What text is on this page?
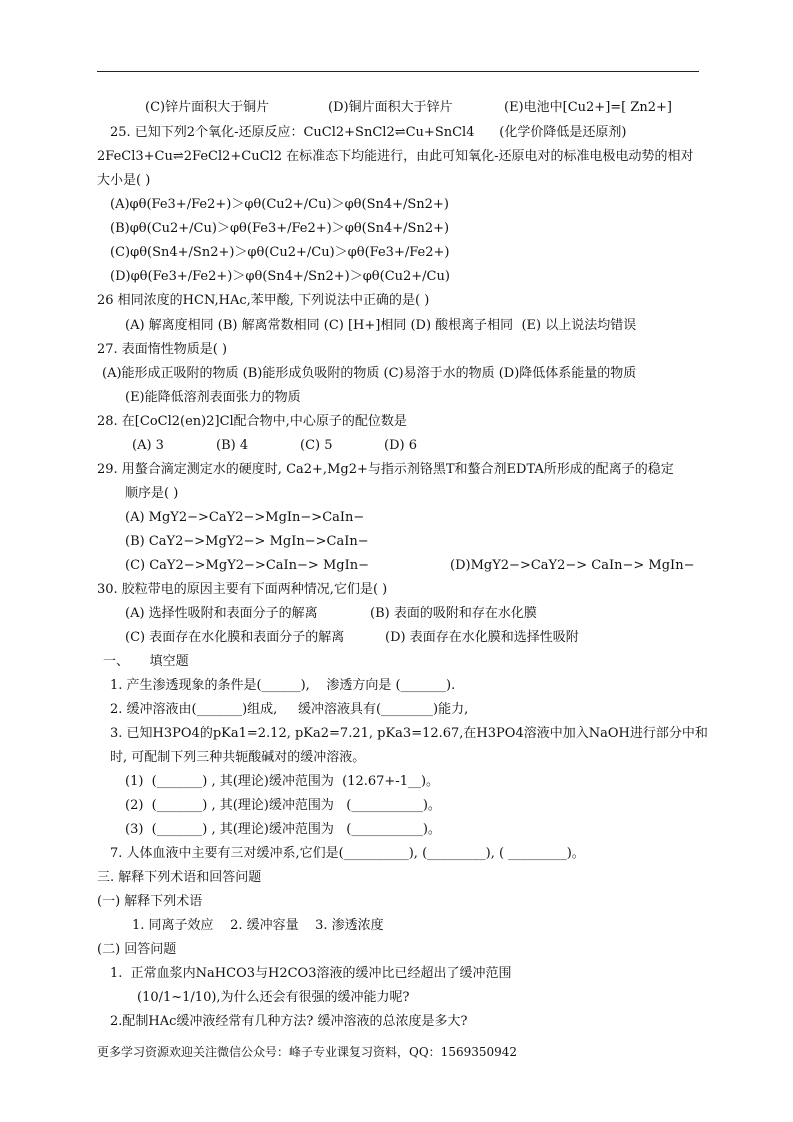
(C)锌片面积大于铜片	(D)铜片面积大于锌片	(E)电池中[Cu2+]=[ Zn2+]
25. 已知下列2个氧化-还原反应：CuCl2+SnCl2⇌Cu+SnCl4      (化学价降低是还原剂)
2FeCl3+Cu⇌2FeCl2+CuCl2 在标准态下均能进行，由此可知氧化-还原电对的标准电极电动势的相对
大小是( )
(A)φθ(Fe3+/Fe2+)＞φθ(Cu2+/Cu)＞φθ(Sn4+/Sn2+)
(B)φθ(Cu2+/Cu)＞φθ(Fe3+/Fe2+)＞φθ(Sn4+/Sn2+)
(C)φθ(Sn4+/Sn2+)＞φθ(Cu2+/Cu)＞φθ(Fe3+/Fe2+)
(D)φθ(Fe3+/Fe2+)＞φθ(Sn4+/Sn2+)＞φθ(Cu2+/Cu)
26 相同浓度的HCN,HAc,苯甲酸, 下列说法中正确的是( )
(A) 解离度相同 (B) 解离常数相同 (C) [H+]相同 (D) 酸根离子相同  (E) 以上说法均错误
27. 表面惰性物质是( )
(A)能形成正吸附的物质 (B)能形成负吸附的物质 (C)易溶于水的物质 (D)降低体系能量的物质
(E)能降低溶剂表面张力的物质
28. 在[CoCl2(en)2]Cl配合物中,中心原子的配位数是
(A) 3	(B) 4	(C) 5	(D) 6
29. 用螯合滴定测定水的硬度时, Ca2+,Mg2+与指示剂铬黑T和螯合剂EDTA所形成的配离子的稳定
顺序是( )
(A) MgY2−>CaY2−>MgIn−>CaIn−
(B) CaY2−>MgY2−> MgIn−>CaIn−
(C) CaY2−>MgY2−>CaIn−> MgIn−	(D)MgY2−>CaY2−> CaIn−> MgIn−
30. 胶粒带电的原因主要有下面两种情况,它们是( )
(A) 选择性吸附和表面分子的解离	(B) 表面的吸附和存在水化膜
(C) 表面存在水化膜和表面分子的解离	(D) 表面存在水化膜和选择性吸附
一、     填空题
1. 产生渗透现象的条件是(______),    渗透方向是 (_______).
2. 缓冲溶液由(_______)组成,     缓冲溶液具有(________)能力,
3. 已知H3PO4的pKa1=2.12, pKa2=7.21, pKa3=12.67,在H3PO4溶液中加入NaOH进行部分中和
时, 可配制下列三种共轭酸碱对的缓冲溶液。
(1)  (_______) , 其(理论)缓冲范围为  (12.67+-1__)。
(2)  (_______) , 其(理论)缓冲范围为   (___________)。
(3)  (_______) , 其(理论)缓冲范围为   (___________)。
7. 人体血液中主要有三对缓冲系,它们是(__________), (_________), ( _________)。
三. 解释下列术语和回答问题
(一) 解释下列术语
1. 同离子效应    2. 缓冲容量    3. 渗透浓度
(二) 回答问题
1.  正常血浆内NaHCO3与H2CO3溶液的缓冲比已经超出了缓冲范围
(10/1~1/10),为什么还会有很强的缓冲能力呢?
2.配制HAc缓冲液经常有几种方法? 缓冲溶液的总浓度是多大?
更多学习资源欢迎关注微信公众号：峰子专业课复习资料，QQ：1569350942
